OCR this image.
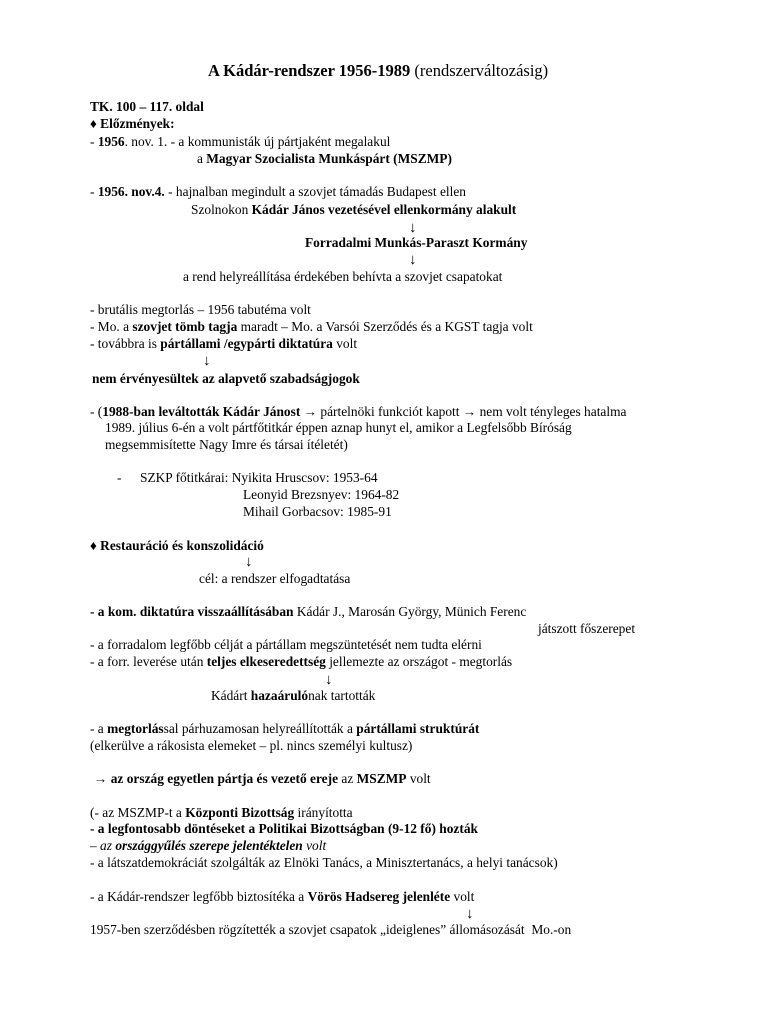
A Kádár-rendszer 1956-1989 (rendszerváltozásig)
TK. 100 – 117. oldal
♦ Előzmények:
- 1956. nov. 1. - a kommunisták új pártjaként megalakul
a Magyar Szocialista Munkáspárt (MSZMP)
- 1956. nov.4. - hajnalban megindult a szovjet támadás Budapest ellen
Szolnokon Kádár János vezetésével ellenkormány alakult
↓
Forradalmi Munkás-Paraszt Kormány
↓
a rend helyreállítása érdekében behívta a szovjet csapatokat
- brutális megtorlás – 1956 tabutéma volt
- Mo. a szovjet tömb tagja maradt – Mo. a Varsói Szerződés és a KGST tagja volt
- továbbra is pártállami /egypárti diktatúra volt
↓
nem érvényesültek az alapvető szabadságjogok
- (1988-ban leváltották Kádár Jánost → pártelnöki funkciót kapott → nem volt tényleges hatalma
1989. július 6-én a volt pártfőtitkár éppen aznap hunyt el, amikor a Legfelsőbb Bíróság
megsemmisítette Nagy Imre és társai ítéletét)
- SZKP főtitkárai: Nyikita Hruscsov: 1953-64
Leonyid Brezsnyev: 1964-82
Mihail Gorbacsov: 1985-91
♦ Restauráció és konszolidáció
↓
cél: a rendszer elfogadtatása
- a kom. diktatúra visszaállításában Kádár J., Marosán György, Münich Ferenc
játszott főszerepet
- a forradalom legfőbb célját a pártállam megszüntetését nem tudta elérni
- a forr. leverése után teljes elkeseredettség jellemezte az országot - megtorlás
↓
Kádárt hazaárulónak tartották
- a megtorlással párhuzamosan helyreállították a pártállami struktúrát
(elkerülve a rákosista elemeket – pl. nincs személyi kultusz)
→ az ország egyetlen pártja és vezető ereje az MSZMP volt
(- az MSZMP-t a Központi Bizottság irányította
- a legfontosabb döntéseket a Politikai Bizottságban (9-12 fő) hozták
– az országgyűlés szerepe jelentéktelen volt
- a látszatdemokráciát szolgálták az Elnöki Tanács, a Minisztertanács, a helyi tanácsok)
- a Kádár-rendszer legfőbb biztosítéka a Vörös Hadsereg jelenléte volt
↓
1957-ben szerződésben rögzítették a szovjet csapatok „ideiglenes” állomásozását  Mo.-on
